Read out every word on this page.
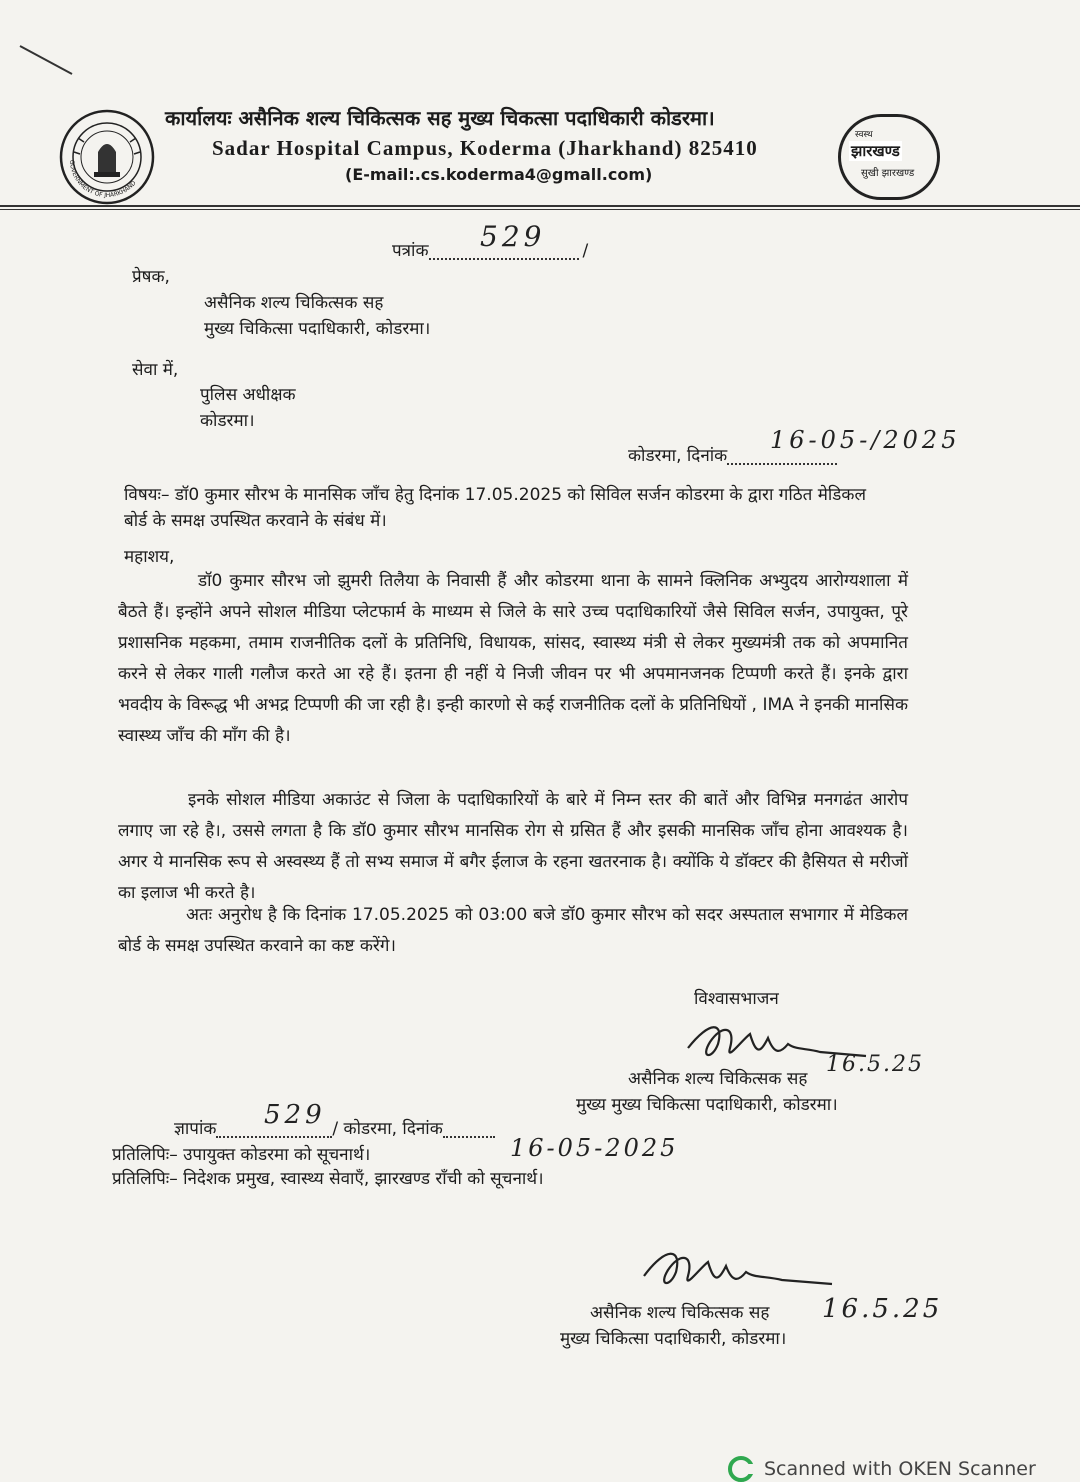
GOVERNMENT OF JHARKHAND
स्वस्थ
झारखण्ड
सुखी झारखण्ड
कार्यालयः असैनिक शल्य चिकित्सक सह मुख्य चिकत्सा पदाधिकारी कोडरमा।
Sadar Hospital Campus, Koderma (Jharkhand) 825410
(E-mail:.cs.koderma4@gmall.com)
पत्रांक	/
529
प्रेषक,
असैनिक शल्य चिकित्सक सह
मुख्य चिकित्सा पदाधिकारी, कोडरमा।
सेवा में,
पुलिस अधीक्षक
कोडरमा।
कोडरमा, दिनांक
16-05-/2025
विषयः– डॉ0 कुमार सौरभ के मानसिक जाँच हेतु दिनांक 17.05.2025 को सिविल सर्जन कोडरमा के द्वारा गठित मेडिकल बोर्ड के समक्ष उपस्थित करवाने के संबंध में।
महाशय,
डॉ0 कुमार सौरभ जो झुमरी तिलैया के निवासी हैं और कोडरमा थाना के सामने क्लिनिक अभ्युदय आरोग्यशाला में बैठते हैं। इन्होंने अपने सोशल मीडिया प्लेटफार्म के माध्यम से जिले के सारे उच्च पदाधिकारियों जैसे सिविल सर्जन, उपायुक्त, पूरे प्रशासनिक महकमा, तमाम राजनीतिक दलों के प्रतिनिधि, विधायक, सांसद, स्वास्थ्य मंत्री से लेकर मुख्यमंत्री तक को अपमानित करने से लेकर गाली गलौज करते आ रहे हैं। इतना ही नहीं ये निजी जीवन पर भी अपमानजनक टिप्पणी करते हैं। इनके द्वारा भवदीय के विरूद्ध भी अभद्र टिप्पणी की जा रही है। इन्ही कारणो से कई राजनीतिक दलों के प्रतिनिधियों , IMA ने इनकी मानसिक स्वास्थ्य जाँच की माँग की है।
इनके सोशल मीडिया अकाउंट से जिला के पदाधिकारियों के बारे में निम्न स्तर की बातें और विभिन्न मनगढंत आरोप लगाए जा रहे है।, उससे लगता है कि डॉ0 कुमार सौरभ मानसिक रोग से ग्रसित हैं और इसकी मानसिक जाँच होना आवश्यक है। अगर ये मानसिक रूप से अस्वस्थ्य हैं तो सभ्य समाज में बगैर ईलाज के रहना खतरनाक है। क्योंकि ये डॉक्टर की हैसियत से मरीजों का इलाज भी करते है।
अतः अनुरोध है कि दिनांक 17.05.2025 को 03:00 बजे डॉ0 कुमार सौरभ को सदर अस्पताल सभागार में मेडिकल बोर्ड के समक्ष उपस्थित करवाने का कष्ट करेंगे।
विश्वासभाजन
16.5.25
असैनिक शल्य चिकित्सक सह
मुख्य मुख्य चिकित्सा पदाधिकारी, कोडरमा।
ज्ञापांक	/ कोडरमा, दिनांक
529
16-05-2025
प्रतिलिपिः– उपायुक्त कोडरमा को सूचनार्थ।
प्रतिलिपिः– निदेशक प्रमुख, स्वास्थ्य सेवाएँ, झारखण्ड राँची को सूचनार्थ।
16.5.25
असैनिक शल्य चिकित्सक सह
मुख्य चिकित्सा पदाधिकारी, कोडरमा।
Scanned with OKEN Scanner
